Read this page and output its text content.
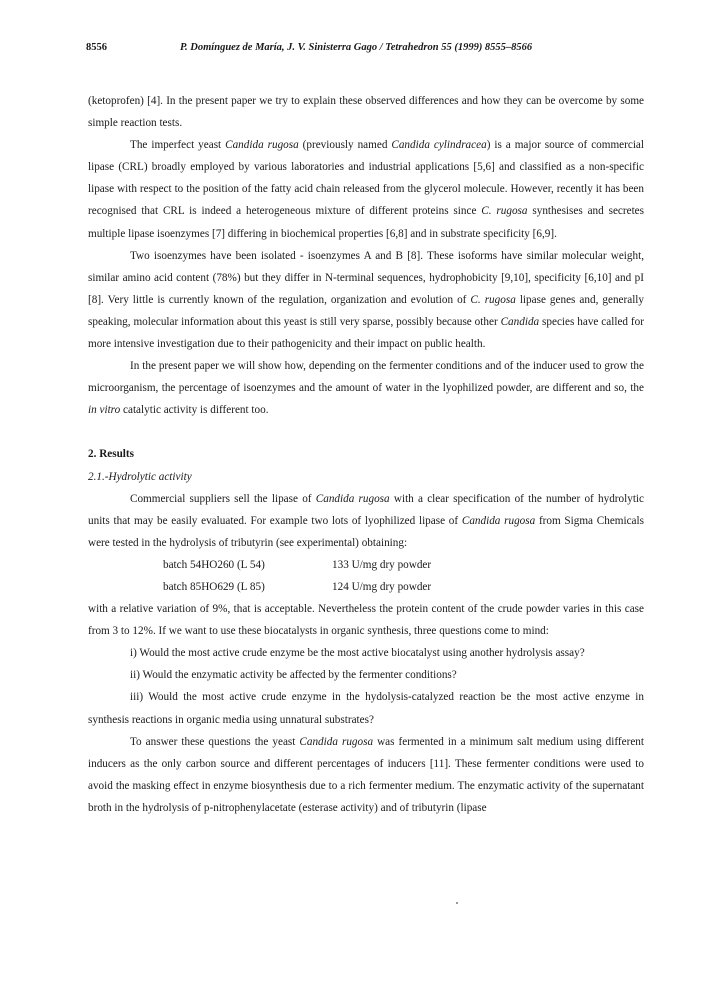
8556	P. Domínguez de María, J. V. Sinisterra Gago / Tetrahedron 55 (1999) 8555–8566

(ketoprofen) [4]. In the present paper we try to explain these observed differences and how they can be overcome by some simple reaction tests.

The imperfect yeast Candida rugosa (previously named Candida cylindracea) is a major source of commercial lipase (CRL) broadly employed by various laboratories and industrial applications [5,6] and classified as a non-specific lipase with respect to the position of the fatty acid chain released from the glycerol molecule. However, recently it has been recognised that CRL is indeed a heterogeneous mixture of different proteins since C. rugosa synthesises and secretes multiple lipase isoenzymes [7] differing in biochemical properties [6,8] and in substrate specificity [6,9].

Two isoenzymes have been isolated - isoenzymes A and B [8]. These isoforms have similar molecular weight, similar amino acid content (78%) but they differ in N-terminal sequences, hydrophobicity [9,10], specificity [6,10] and pI [8]. Very little is currently known of the regulation, organization and evolution of C. rugosa lipase genes and, generally speaking, molecular information about this yeast is still very sparse, possibly because other Candida species have called for more intensive investigation due to their pathogenicity and their impact on public health.

In the present paper we will show how, depending on the fermenter conditions and of the inducer used to grow the microorganism, the percentage of isoenzymes and the amount of water in the lyophilized powder, are different and so, the in vitro catalytic activity is different too.

2. Results

2.1.-Hydrolytic activity

Commercial suppliers sell the lipase of Candida rugosa with a clear specification of the number of hydrolytic units that may be easily evaluated. For example two lots of lyophilized lipase of Candida rugosa from Sigma Chemicals were tested in the hydrolysis of tributyrin (see experimental) obtaining:

batch 54HO260 (L 54)	133 U/mg dry powder
batch 85HO629 (L 85)	124 U/mg dry powder

with a relative variation of 9%, that is acceptable. Nevertheless the protein content of the crude powder varies in this case from 3 to 12%. If we want to use these biocatalysts in organic synthesis, three questions come to mind:

i) Would the most active crude enzyme be the most active biocatalyst using another hydrolysis assay?

ii) Would the enzymatic activity be affected by the fermenter conditions?

iii) Would the most active crude enzyme in the hydolysis-catalyzed reaction be the most active enzyme in synthesis reactions in organic media using unnatural substrates?

To answer these questions the yeast Candida rugosa was fermented in a minimum salt medium using different inducers as the only carbon source and different percentages of inducers [11]. These fermenter conditions were used to avoid the masking effect in enzyme biosynthesis due to a rich fermenter medium. The enzymatic activity of the supernatant broth in the hydrolysis of p-nitrophenylacetate (esterase activity) and of tributyrin (lipase
